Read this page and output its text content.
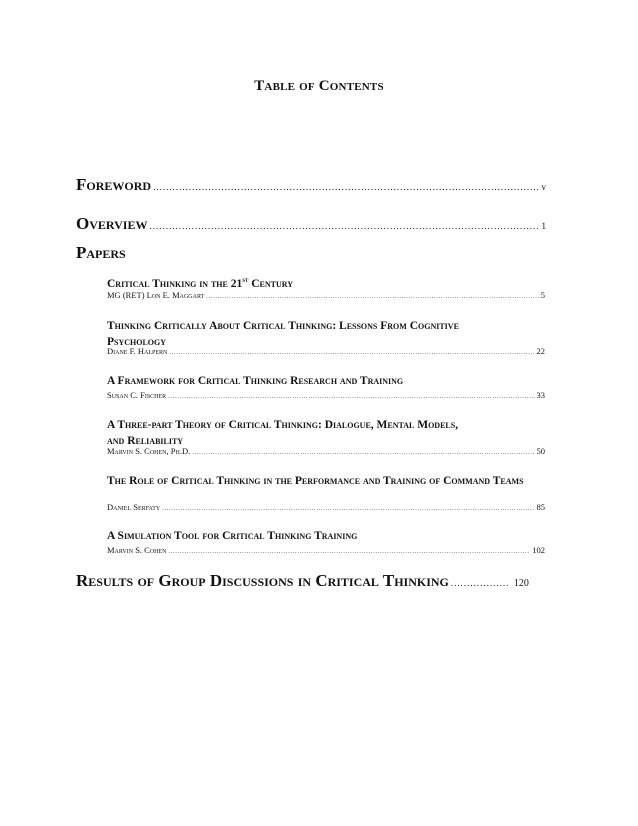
Table of Contents
Foreword .....	v
Overview .....	1
Papers
Critical Thinking in the 21st Century
MG (RET) Lon E. Maggart .....	5
Thinking Critically About Critical Thinking: Lessons From Cognitive Psychology
Diane F. Halpern .....	22
A Framework for Critical Thinking Research and Training
Susan C. Fischer .....	33
A Three-part Theory of Critical Thinking: Dialogue, Mental Models, and Reliability
Marvin S. Cohen, Ph.D. .....	50
The Role of Critical Thinking in the Performance and Training of Command Teams
Daniel Serfaty .....	85
A Simulation Tool for Critical Thinking Training
Marvin S. Cohen .....	102
Results of Group Discussions in Critical Thinking .....	120
